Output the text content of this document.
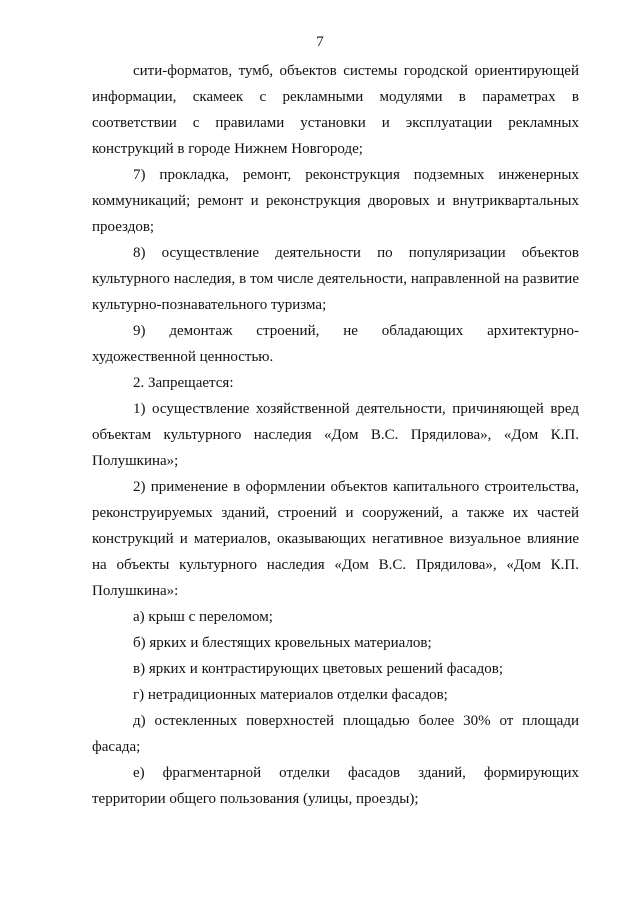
7

сити-форматов, тумб, объектов системы городской ориентирующей информации, скамеек с рекламными модулями в параметрах в соответствии с правилами установки и эксплуатации рекламных конструкций в городе Нижнем Новгороде;

7) прокладка, ремонт, реконструкция подземных инженерных коммуникаций; ремонт и реконструкция дворовых и внутриквартальных проездов;

8) осуществление деятельности по популяризации объектов культурного наследия, в том числе деятельности, направленной на развитие культурно-познавательного туризма;

9) демонтаж строений, не обладающих архитектурно-художественной ценностью.

2. Запрещается:

1) осуществление хозяйственной деятельности, причиняющей вред объектам культурного наследия «Дом В.С. Прядилова», «Дом К.П. Полушкина»;

2) применение в оформлении объектов капитального строительства, реконструируемых зданий, строений и сооружений, а также их частей конструкций и материалов, оказывающих негативное визуальное влияние на объекты культурного наследия «Дом В.С. Прядилова», «Дом К.П. Полушкина»:

а) крыш с переломом;

б) ярких и блестящих кровельных материалов;

в) ярких и контрастирующих цветовых решений фасадов;

г) нетрадиционных материалов отделки фасадов;

д) остекленных поверхностей площадью более 30% от площади фасада;

е) фрагментарной отделки фасадов зданий, формирующих территории общего пользования (улицы, проезды);
